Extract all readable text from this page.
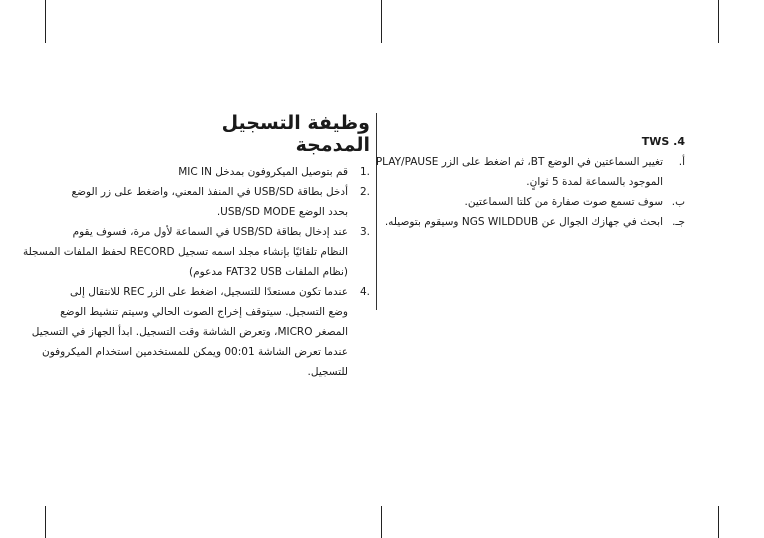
وظيفة التسجيل المدمجة
.1
قم بتوصيل الميكروفون بمدخل MIC IN
.2
أدخل بطاقة USB/SD في المنفذ المعني، واضغط على زر الوضع
بحدد الوضع USB/SD MODE.
.3
عند إدخال بطاقة USB/SD في السماعة لأول مرة، فسوف يقوم
النظام تلقائيًا بإنشاء مجلد اسمه تسجيل RECORD لحفظ الملفات المسجلة
(نظام الملفات FAT32 USB مدعوم)
.4
عندما تكون مستعدًا للتسجيل، اضغط على الزر REC للانتقال إلى
وضع التسجيل. سيتوقف إخراج الصوت الحالي وسيتم تنشيط الوضع
المصغر MICRO، وتعرض الشاشة وقت التسجيل. ابدأ الجهاز في التسجيل
عندما تعرض الشاشة 00:01 ويمكن للمستخدمين استخدام الميكروفون
للتسجيل.
TWS .4
أ.
تغيير السماعتين في الوضع BT، ثم اضغط على الزر PLAY/PAUSE
الموجود بالسماعة لمدة 5 ثوانٍ.
ب.
سوف تسمع صوت صفارة من كلتا السماعتين.
جـ.
ابحث في جهازك الجوال عن NGS WILDDUB وسيقوم بتوصيله.
